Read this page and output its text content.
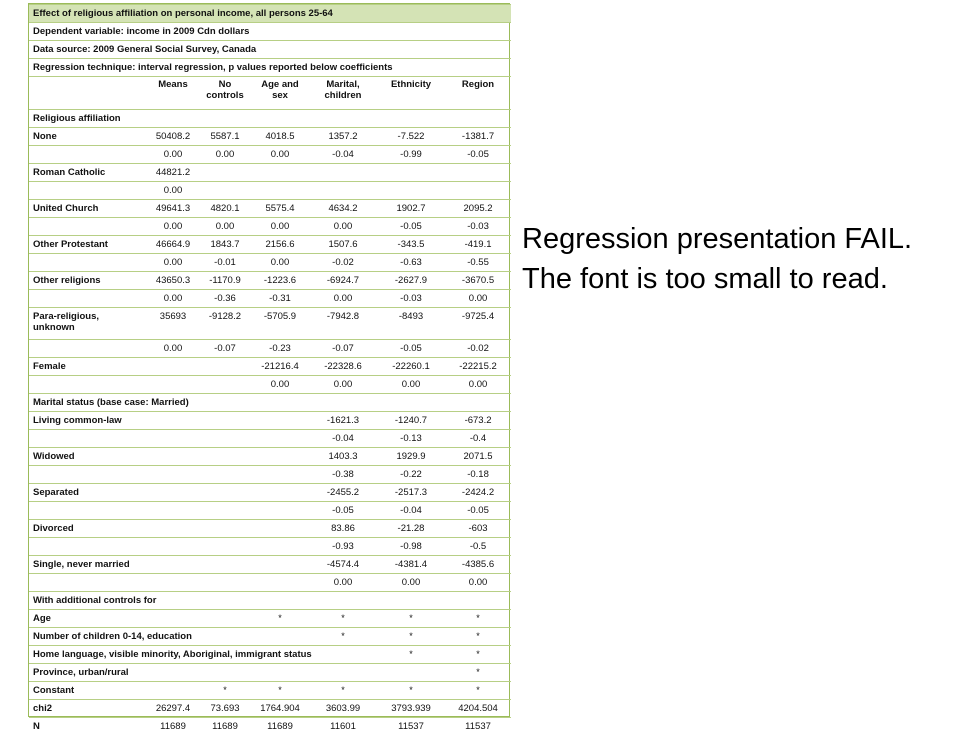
Effect of religious affiliation on personal income, all persons 25-64						
Dependent variable: income in 2009 Cdn dollars						
Data source: 2009 General Social Survey, Canada						
Regression technique: interval regression, p values reported below coefficients						
	Means	No controls	Age and sex	Marital, children	Ethnicity	Region
Religious affiliation						
None	50408.2	5587.1	4018.5	1357.2	-7.522	-1381.7
	0.00	0.00	0.00	-0.04	-0.99	-0.05
Roman Catholic	44821.2					
	0.00					
United Church	49641.3	4820.1	5575.4	4634.2	1902.7	2095.2
	0.00	0.00	0.00	0.00	-0.05	-0.03
Other Protestant	46664.9	1843.7	2156.6	1507.6	-343.5	-419.1
	0.00	-0.01	0.00	-0.02	-0.63	-0.55
Other religions	43650.3	-1170.9	-1223.6	-6924.7	-2627.9	-3670.5
	0.00	-0.36	-0.31	0.00	-0.03	0.00
Para-religious, unknown	35693	-9128.2	-5705.9	-7942.8	-8493	-9725.4
	0.00	-0.07	-0.23	-0.07	-0.05	-0.02
Female			-21216.4	-22328.6	-22260.1	-22215.2
			0.00	0.00	0.00	0.00
Marital status (base case: Married)						
Living common-law				-1621.3	-1240.7	-673.2
				-0.04	-0.13	-0.4
Widowed				1403.3	1929.9	2071.5
				-0.38	-0.22	-0.18
Separated				-2455.2	-2517.3	-2424.2
				-0.05	-0.04	-0.05
Divorced				83.86	-21.28	-603
				-0.93	-0.98	-0.5
Single, never married				-4574.4	-4381.4	-4385.6
				0.00	0.00	0.00
With additional controls for						
Age			*	*	*	*
Number of children 0-14, education				*	*	*
Home language, visible minority, Aboriginal, immigrant status					*	*
Province, urban/rural						*
Constant		*	*	*	*	*
chi2	26297.4	73.693	1764.904	3603.99	3793.939	4204.504
N	11689	11689	11689	11601	11537	11537
Regression presentation FAIL.
The font is too small to read.
